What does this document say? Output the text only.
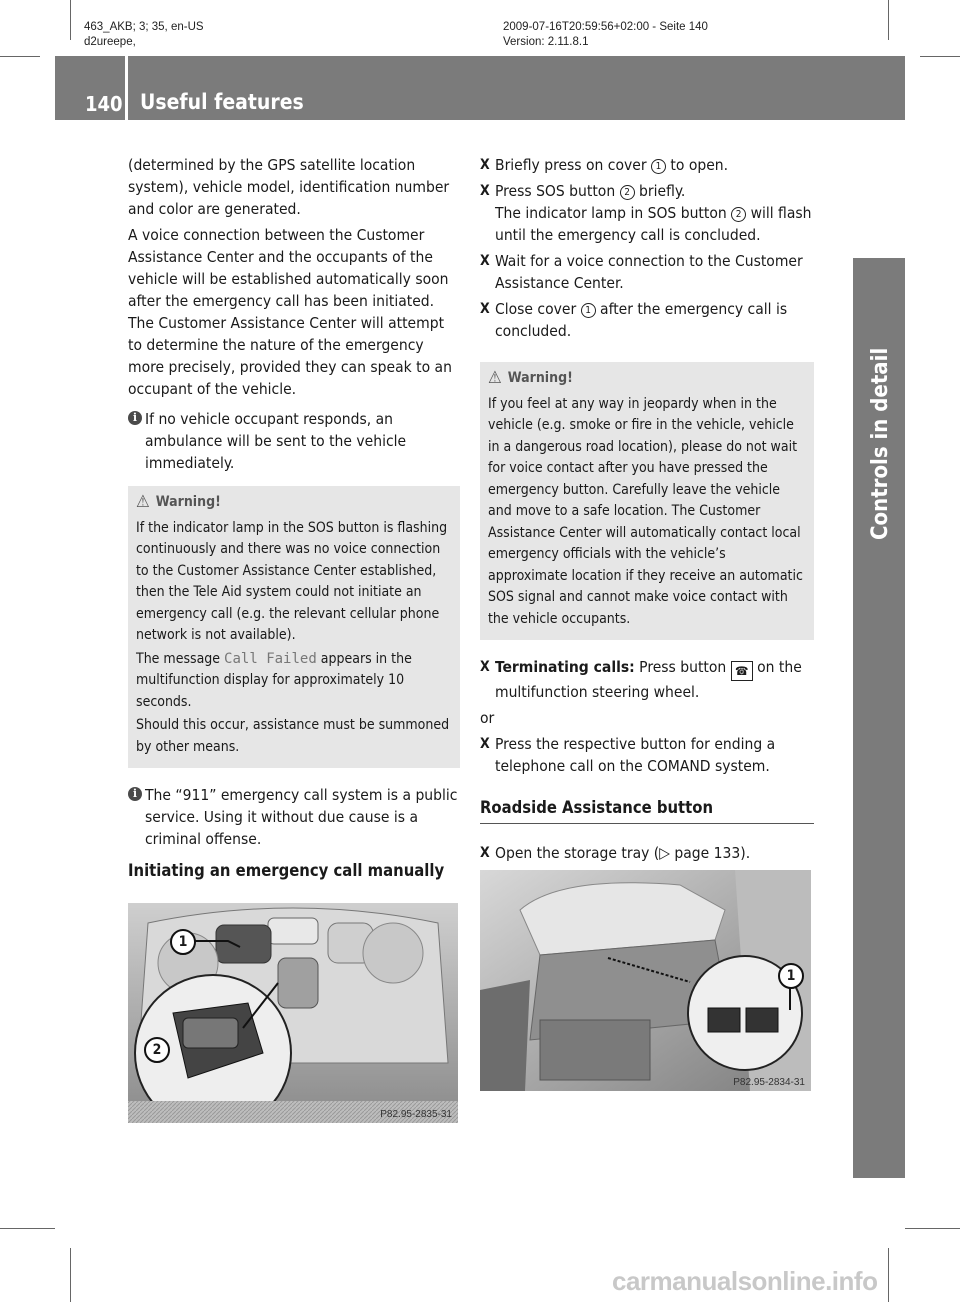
463_AKB; 3; 35, en-US
d2ureepe,
2009-07-16T20:59:56+02:00 - Seite 140
Version: 2.11.8.1
140 Useful features
Controls in detail

(determined by the GPS satellite location system), vehicle model, identification number and color are generated.

A voice connection between the Customer Assistance Center and the occupants of the vehicle will be established automatically soon after the emergency call has been initiated. The Customer Assistance Center will attempt to determine the nature of the emergency more precisely, provided they can speak to an occupant of the vehicle.

i If no vehicle occupant responds, an ambulance will be sent to the vehicle immediately.
⚠ Warning!

If the indicator lamp in the SOS button is flashing continuously and there was no voice connection to the Customer Assistance Center established, then the Tele Aid system could not initiate an emergency call (e.g. the relevant cellular phone network is not available).

The message Call Failed appears in the multifunction display for approximately 10 seconds.

Should this occur, assistance must be summoned by other means.

i The “911” emergency call system is a public service. Using it without due cause is a criminal offense.
Initiating an emergency call manually
1
2
P82.95-2835-31
X Briefly press on cover 1 to open.
X Press SOS button 2 briefly.
The indicator lamp in SOS button 2 will flash until the emergency call is concluded.
X Wait for a voice connection to the Customer Assistance Center.
X Close cover 1 after the emergency call is concluded.
⚠ Warning!

If you feel at any way in jeopardy when in the vehicle (e.g. smoke or fire in the vehicle, vehicle in a dangerous road location), please do not wait for voice contact after you have pressed the emergency button. Carefully leave the vehicle and move to a safe location. The Customer Assistance Center will automatically contact local emergency officials with the vehicle’s approximate location if they receive an automatic SOS signal and cannot make voice contact with the vehicle occupants.

X Terminating calls: Press button ☎ on the multifunction steering wheel.

or

X Press the respective button for ending a telephone call on the COMAND system.
Roadside Assistance button
X Open the storage tray (▷ page 133).
1
P82.95-2834-31
carmanualsonline.info
